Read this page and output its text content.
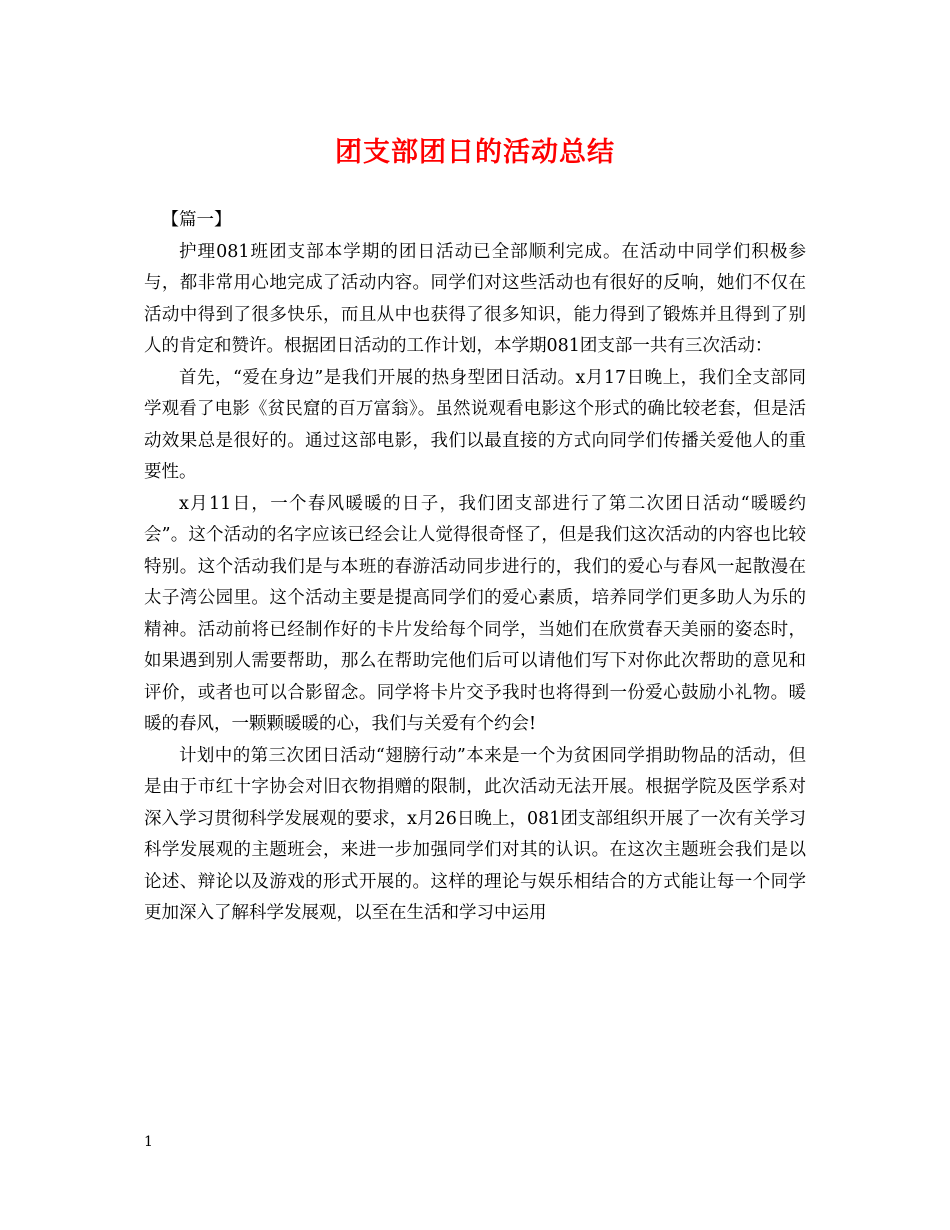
团支部团日的活动总结

【篇一】

护理081班团支部本学期的团日活动已全部顺利完成。在活动中同学们积极参与，都非常用心地完成了活动内容。同学们对这些活动也有很好的反响，她们不仅在活动中得到了很多快乐，而且从中也获得了很多知识，能力得到了锻炼并且得到了别人的肯定和赞许。根据团日活动的工作计划，本学期081团支部一共有三次活动：

首先，“爱在身边”是我们开展的热身型团日活动。x月17日晚上，我们全支部同学观看了电影《贫民窟的百万富翁》。虽然说观看电影这个形式的确比较老套，但是活动效果总是很好的。通过这部电影，我们以最直接的方式向同学们传播关爱他人的重要性。

x月11日，一个春风暖暖的日子，我们团支部进行了第二次团日活动“暖暖约会”。这个活动的名字应该已经会让人觉得很奇怪了，但是我们这次活动的内容也比较特别。这个活动我们是与本班的春游活动同步进行的，我们的爱心与春风一起散漫在太子湾公园里。这个活动主要是提高同学们的爱心素质，培养同学们更多助人为乐的精神。活动前将已经制作好的卡片发给每个同学，当她们在欣赏春天美丽的姿态时，如果遇到别人需要帮助，那么在帮助完他们后可以请他们写下对你此次帮助的意见和评价，或者也可以合影留念。同学将卡片交予我时也将得到一份爱心鼓励小礼物。暖暖的春风，一颗颗暖暖的心，我们与关爱有个约会!

计划中的第三次团日活动“翅膀行动”本来是一个为贫困同学捐助物品的活动，但是由于市红十字协会对旧衣物捐赠的限制，此次活动无法开展。根据学院及医学系对深入学习贯彻科学发展观的要求，x月26日晚上，081团支部组织开展了一次有关学习科学发展观的主题班会，来进一步加强同学们对其的认识。在这次主题班会我们是以论述、辩论以及游戏的形式开展的。这样的理论与娱乐相结合的方式能让每一个同学更加深入了解科学发展观，以至在生活和学习中运用

1
